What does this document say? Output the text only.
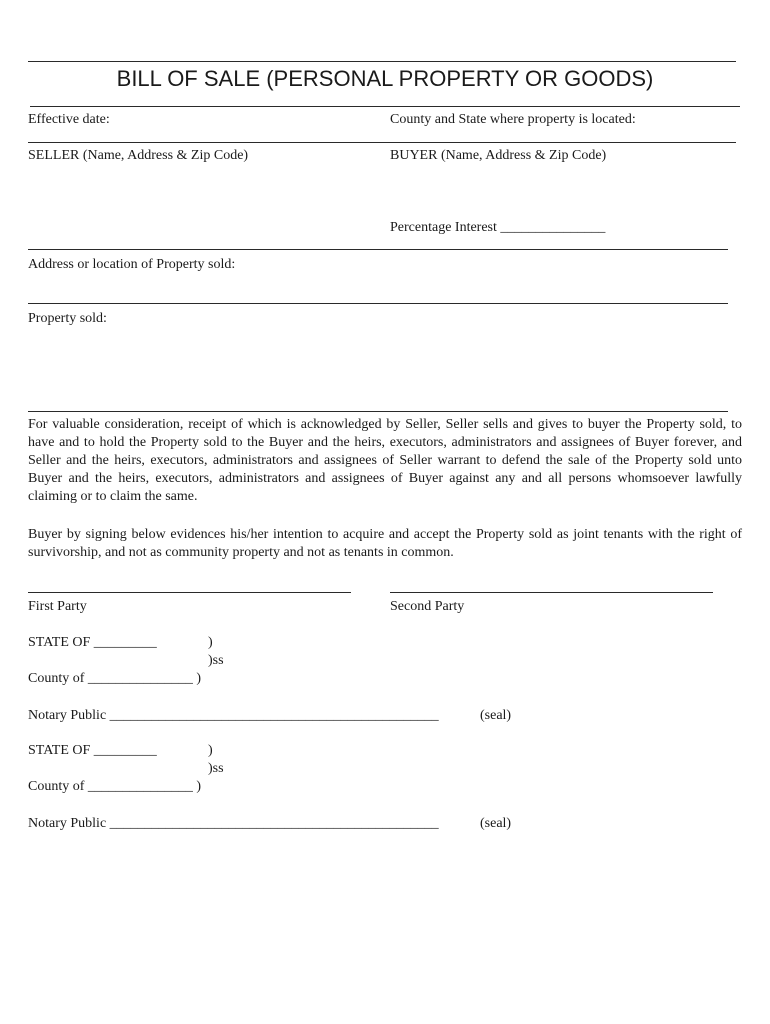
BILL OF SALE (PERSONAL PROPERTY OR GOODS)
Effective date:	County and State where property is located:
SELLER (Name, Address & Zip Code)	BUYER (Name, Address & Zip Code)
Percentage Interest _______________
Address or location of Property sold:
Property sold:
For valuable consideration, receipt of which is acknowledged by Seller, Seller sells and gives to buyer the Property sold, to have and to hold the Property sold to the Buyer and the heirs, executors, administrators and assignees of Buyer forever, and Seller and the heirs, executors, administrators and assignees of Seller warrant to defend the sale of the Property sold unto Buyer and the heirs, executors, administrators and assignees of Buyer against any and all persons whomsoever lawfully claiming or to claim the same.
Buyer by signing below evidences his/her intention to acquire and accept the Property sold as joint tenants with the right of survivorship, and not as community property and not as tenants in common.
First Party	Second Party
STATE OF _________	)
)ss
County of _______________ )
Notary Public _______________________________________________	(seal)
STATE OF _________	)
)ss
County of _______________ )
Notary Public _______________________________________________	(seal)
